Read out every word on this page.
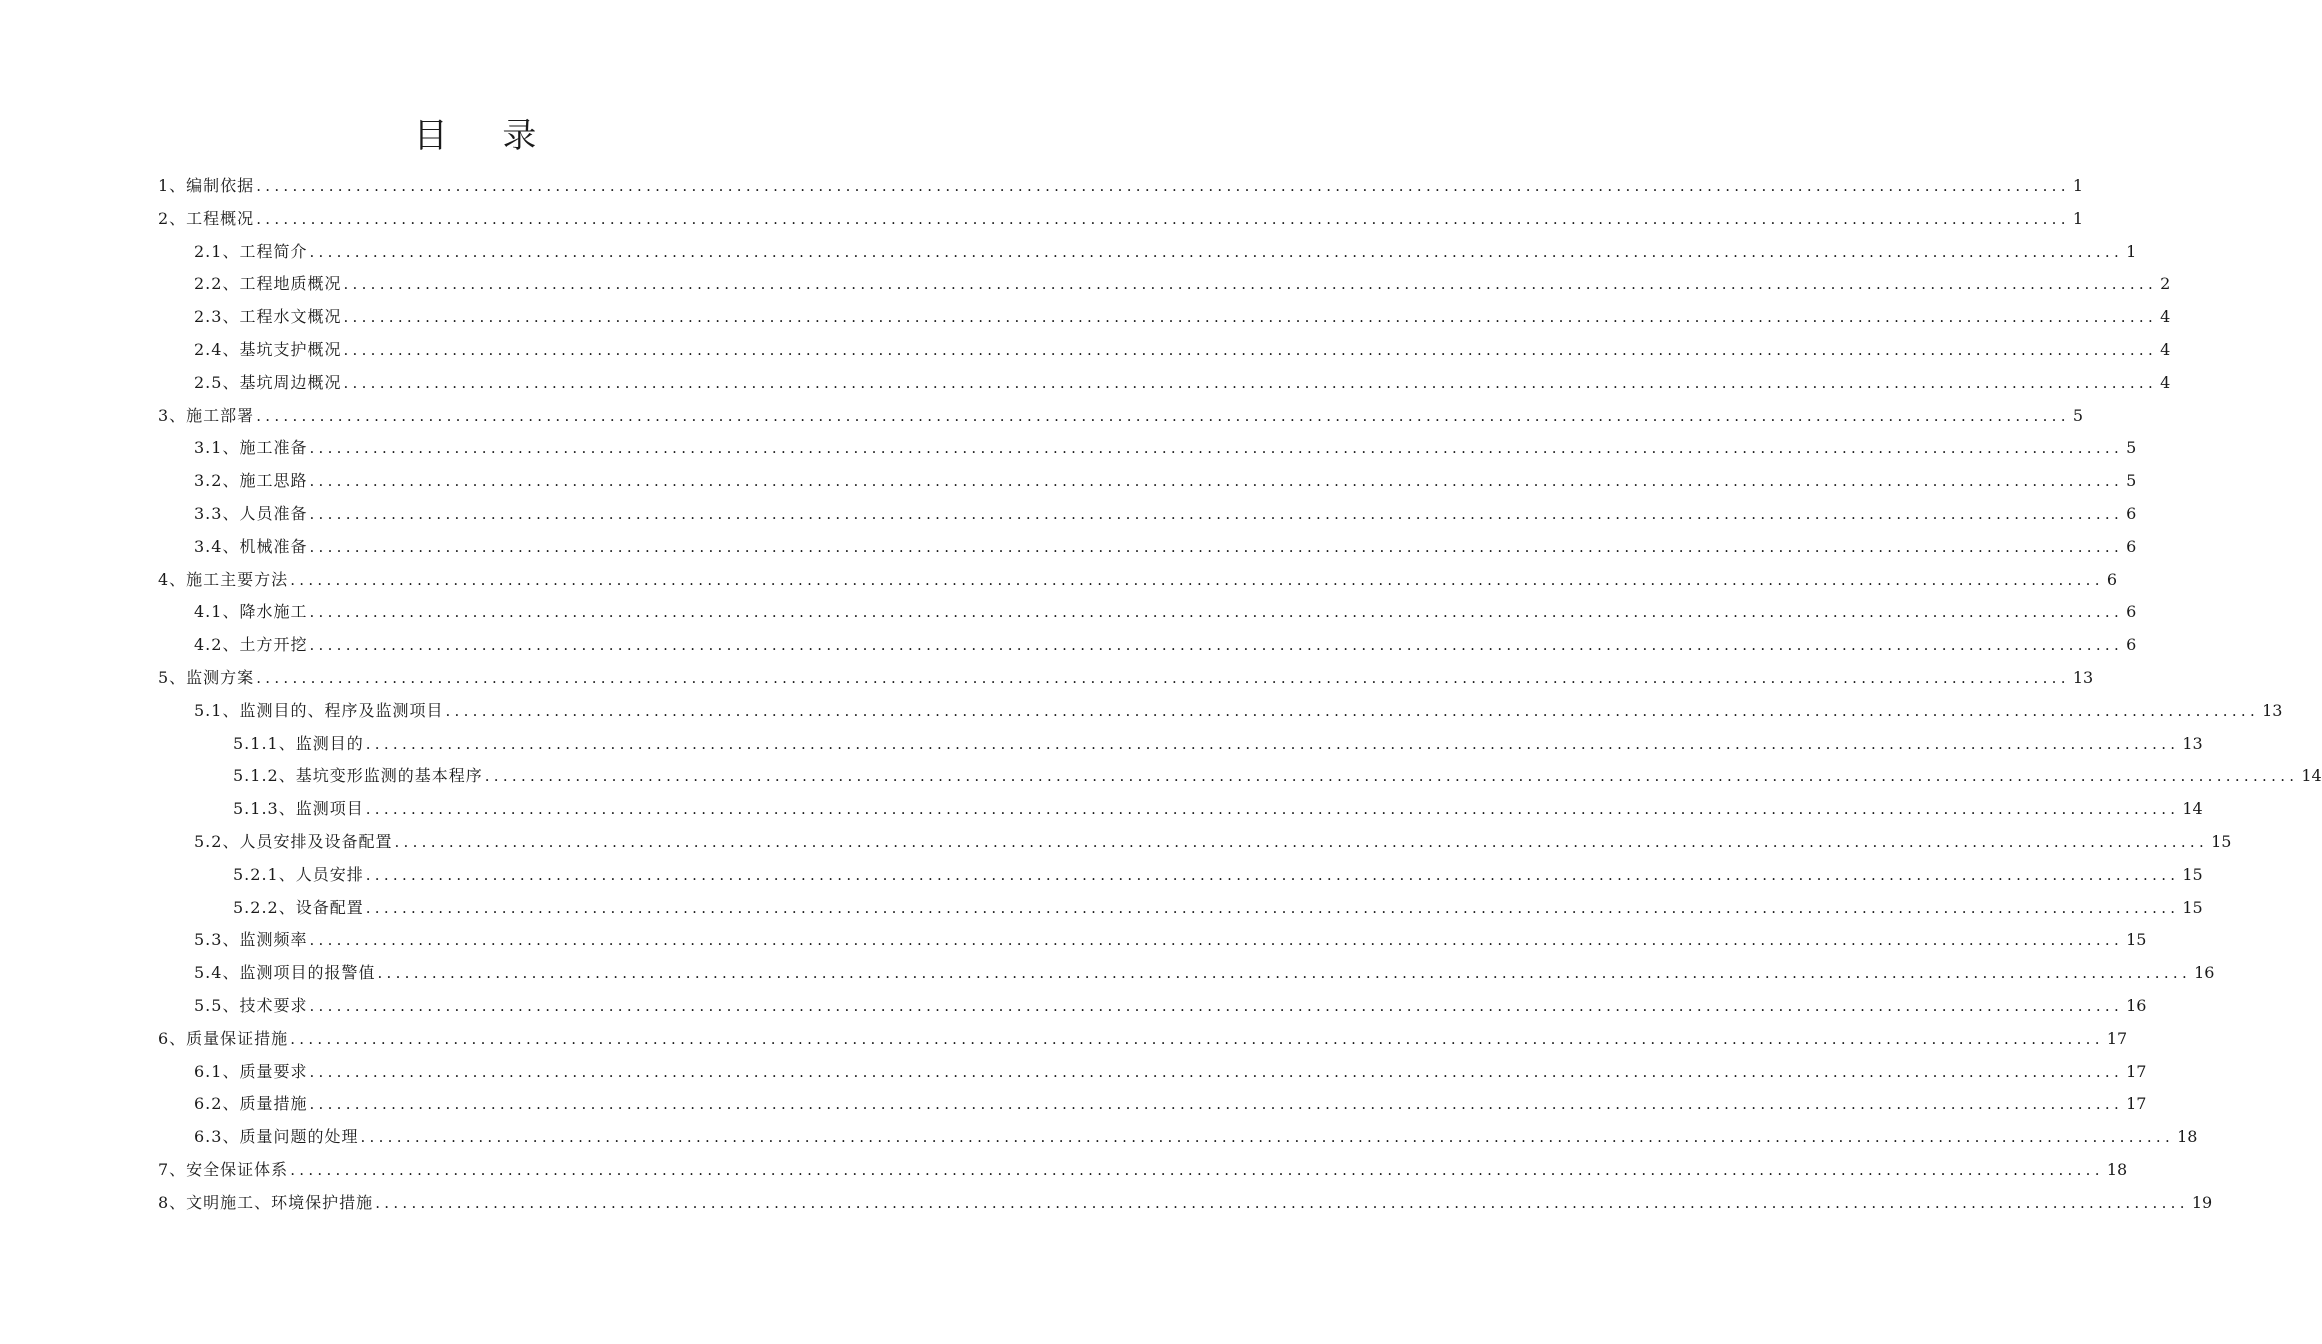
目 录
1、编制依据 ........................................................................................................................................................................................................ 1
2、工程概况 ........................................................................................................................................................................................................ 1
2.1、工程简介 ........................................................................................................................................................................................................ 1
2.2、工程地质概况 ........................................................................................................................................................................................................ 2
2.3、工程水文概况 ........................................................................................................................................................................................................ 4
2.4、基坑支护概况 ........................................................................................................................................................................................................ 4
2.5、基坑周边概况 ........................................................................................................................................................................................................ 4
3、施工部署 ........................................................................................................................................................................................................ 5
3.1、施工准备 ........................................................................................................................................................................................................ 5
3.2、施工思路 ........................................................................................................................................................................................................ 5
3.3、人员准备 ........................................................................................................................................................................................................ 6
3.4、机械准备 ........................................................................................................................................................................................................ 6
4、施工主要方法 ........................................................................................................................................................................................................ 6
4.1、降水施工 ........................................................................................................................................................................................................ 6
4.2、土方开挖 ........................................................................................................................................................................................................ 6
5、监测方案 ........................................................................................................................................................................................................ 13
5.1、监测目的、程序及监测项目 ........................................................................................................................................................................................................ 13
5.1.1、监测目的 ........................................................................................................................................................................................................ 13
5.1.2、基坑变形监测的基本程序 ........................................................................................................................................................................................................ 14
5.1.3、监测项目 ........................................................................................................................................................................................................ 14
5.2、人员安排及设备配置 ........................................................................................................................................................................................................ 15
5.2.1、人员安排 ........................................................................................................................................................................................................ 15
5.2.2、设备配置 ........................................................................................................................................................................................................ 15
5.3、监测频率 ........................................................................................................................................................................................................ 15
5.4、监测项目的报警值 ........................................................................................................................................................................................................ 16
5.5、技术要求 ........................................................................................................................................................................................................ 16
6、质量保证措施 ........................................................................................................................................................................................................ 17
6.1、质量要求 ........................................................................................................................................................................................................ 17
6.2、质量措施 ........................................................................................................................................................................................................ 17
6.3、质量问题的处理 ........................................................................................................................................................................................................ 18
7、安全保证体系 ........................................................................................................................................................................................................ 18
8、文明施工、环境保护措施 ........................................................................................................................................................................................................ 19
